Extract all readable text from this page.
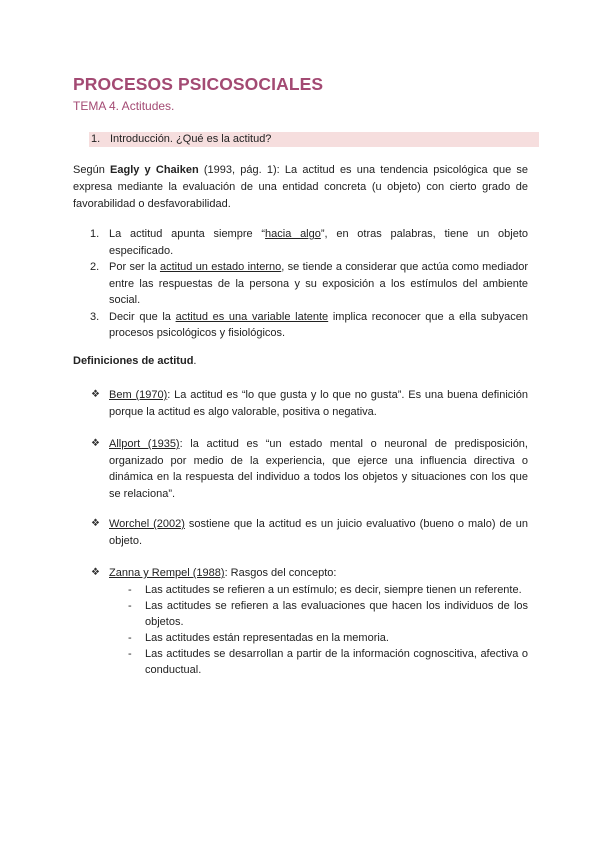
PROCESOS PSICOSOCIALES
TEMA 4. Actitudes.
1. Introducción. ¿Qué es la actitud?

Según Eagly y Chaiken (1993, pág. 1): La actitud es una tendencia psicológica que se expresa mediante la evaluación de una entidad concreta (u objeto) con cierto grado de favorabilidad o desfavorabilidad.

1. La actitud apunta siempre “hacia algo”, en otras palabras, tiene un objeto especificado.
2. Por ser la actitud un estado interno, se tiende a considerar que actúa como mediador entre las respuestas de la persona y su exposición a los estímulos del ambiente social.
3. Decir que la actitud es una variable latente implica reconocer que a ella subyacen procesos psicológicos y fisiológicos.
Definiciones de actitud.
❖ Bem (1970): La actitud es “lo que gusta y lo que no gusta”. Es una buena definición porque la actitud es algo valorable, positiva o negativa.
❖ Allport (1935): la actitud es “un estado mental o neuronal de predisposición, organizado por medio de la experiencia, que ejerce una influencia directiva o dinámica en la respuesta del individuo a todos los objetos y situaciones con los que se relaciona”.
❖ Worchel (2002) sostiene que la actitud es un juicio evaluativo (bueno o malo) de un objeto.
❖ Zanna y Rempel (1988): Rasgos del concepto:
- Las actitudes se refieren a un estímulo; es decir, siempre tienen un referente.
- Las actitudes se refieren a las evaluaciones que hacen los individuos de los objetos.
- Las actitudes están representadas en la memoria.
- Las actitudes se desarrollan a partir de la información cognoscitiva, afectiva o conductual.
